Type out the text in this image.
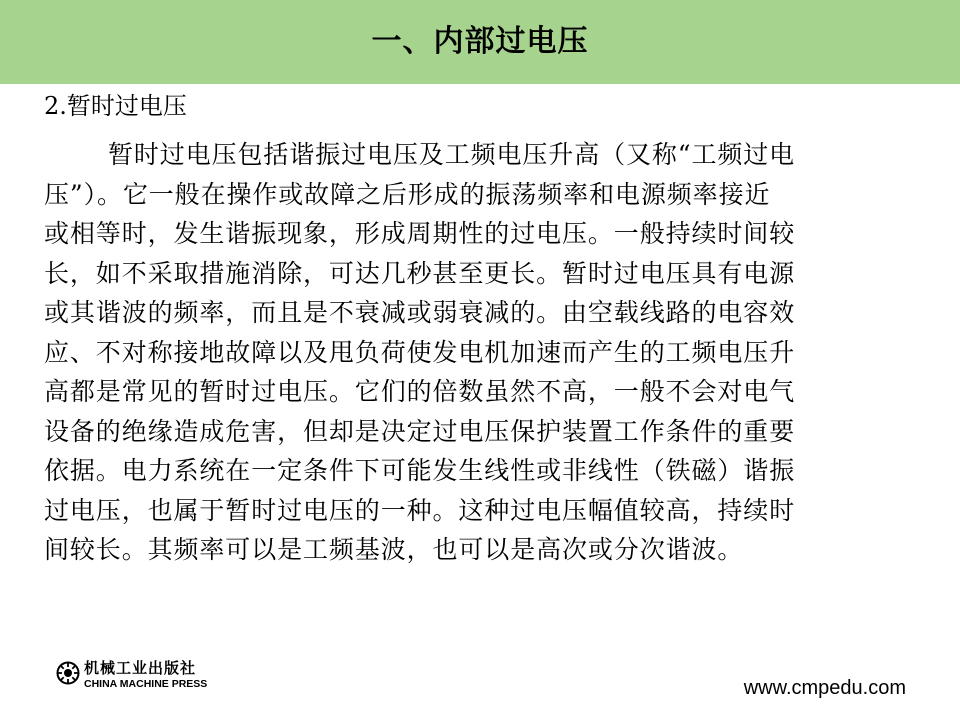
一、内部过电压
2.暂时过电压
暂时过电压包括谐振过电压及工频电压升高（又称“工频过电
压”）。它一般在操作或故障之后形成的振荡频率和电源频率接近
或相等时，发生谐振现象，形成周期性的过电压。一般持续时间较
长，如不采取措施消除，可达几秒甚至更长。暂时过电压具有电源
或其谐波的频率，而且是不衰减或弱衰减的。由空载线路的电容效
应、不对称接地故障以及甩负荷使发电机加速而产生的工频电压升
高都是常见的暂时过电压。它们的倍数虽然不高，一般不会对电气
设备的绝缘造成危害，但却是决定过电压保护装置工作条件的重要
依据。电力系统在一定条件下可能发生线性或非线性（铁磁）谐振
过电压，也属于暂时过电压的一种。这种过电压幅值较高，持续时
间较长。其频率可以是工频基波，也可以是高次或分次谐波。
机械工业出版社
CHINA MACHINE PRESS	www.cmpedu.com
